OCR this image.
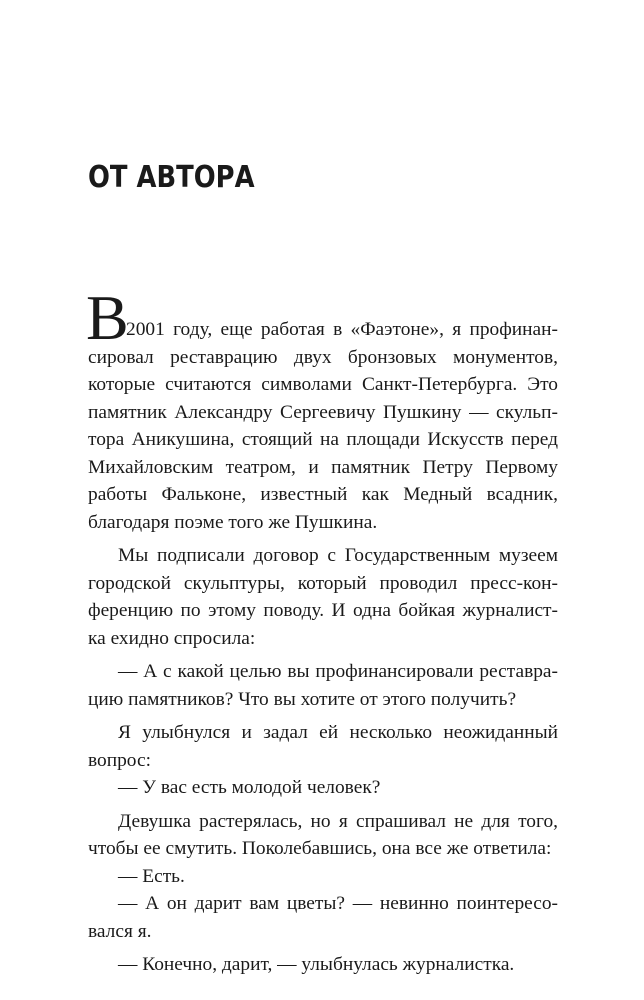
ОТ АВТОРА
В
2001 году, еще работая в «Фаэтоне», я профинан-
сировал реставрацию двух бронзовых монументов,
которые считаются символами Санкт-Петербурга. Это
памятник Александру Сергеевичу Пушкину — скульп-
тора Аникушина, стоящий на площади Искусств перед
Михайловским театром, и памятник Петру Первому
работы Фальконе, известный как Медный всадник,
благодаря поэме того же Пушкина.
Мы подписали договор с Государственным музеем
городской скульптуры, который проводил пресс-кон-
ференцию по этому поводу. И одна бойкая журналист-
ка ехидно спросила:
— А с какой целью вы профинансировали реставра-
цию памятников? Что вы хотите от этого получить?
Я улыбнулся и задал ей несколько неожиданный
вопрос:
— У вас есть молодой человек?
Девушка растерялась, но я спрашивал не для того,
чтобы ее смутить. Поколебавшись, она все же ответила:
— Есть.
— А он дарит вам цветы? — невинно поинтересо-
вался я.
— Конечно, дарит, — улыбнулась журналистка.
